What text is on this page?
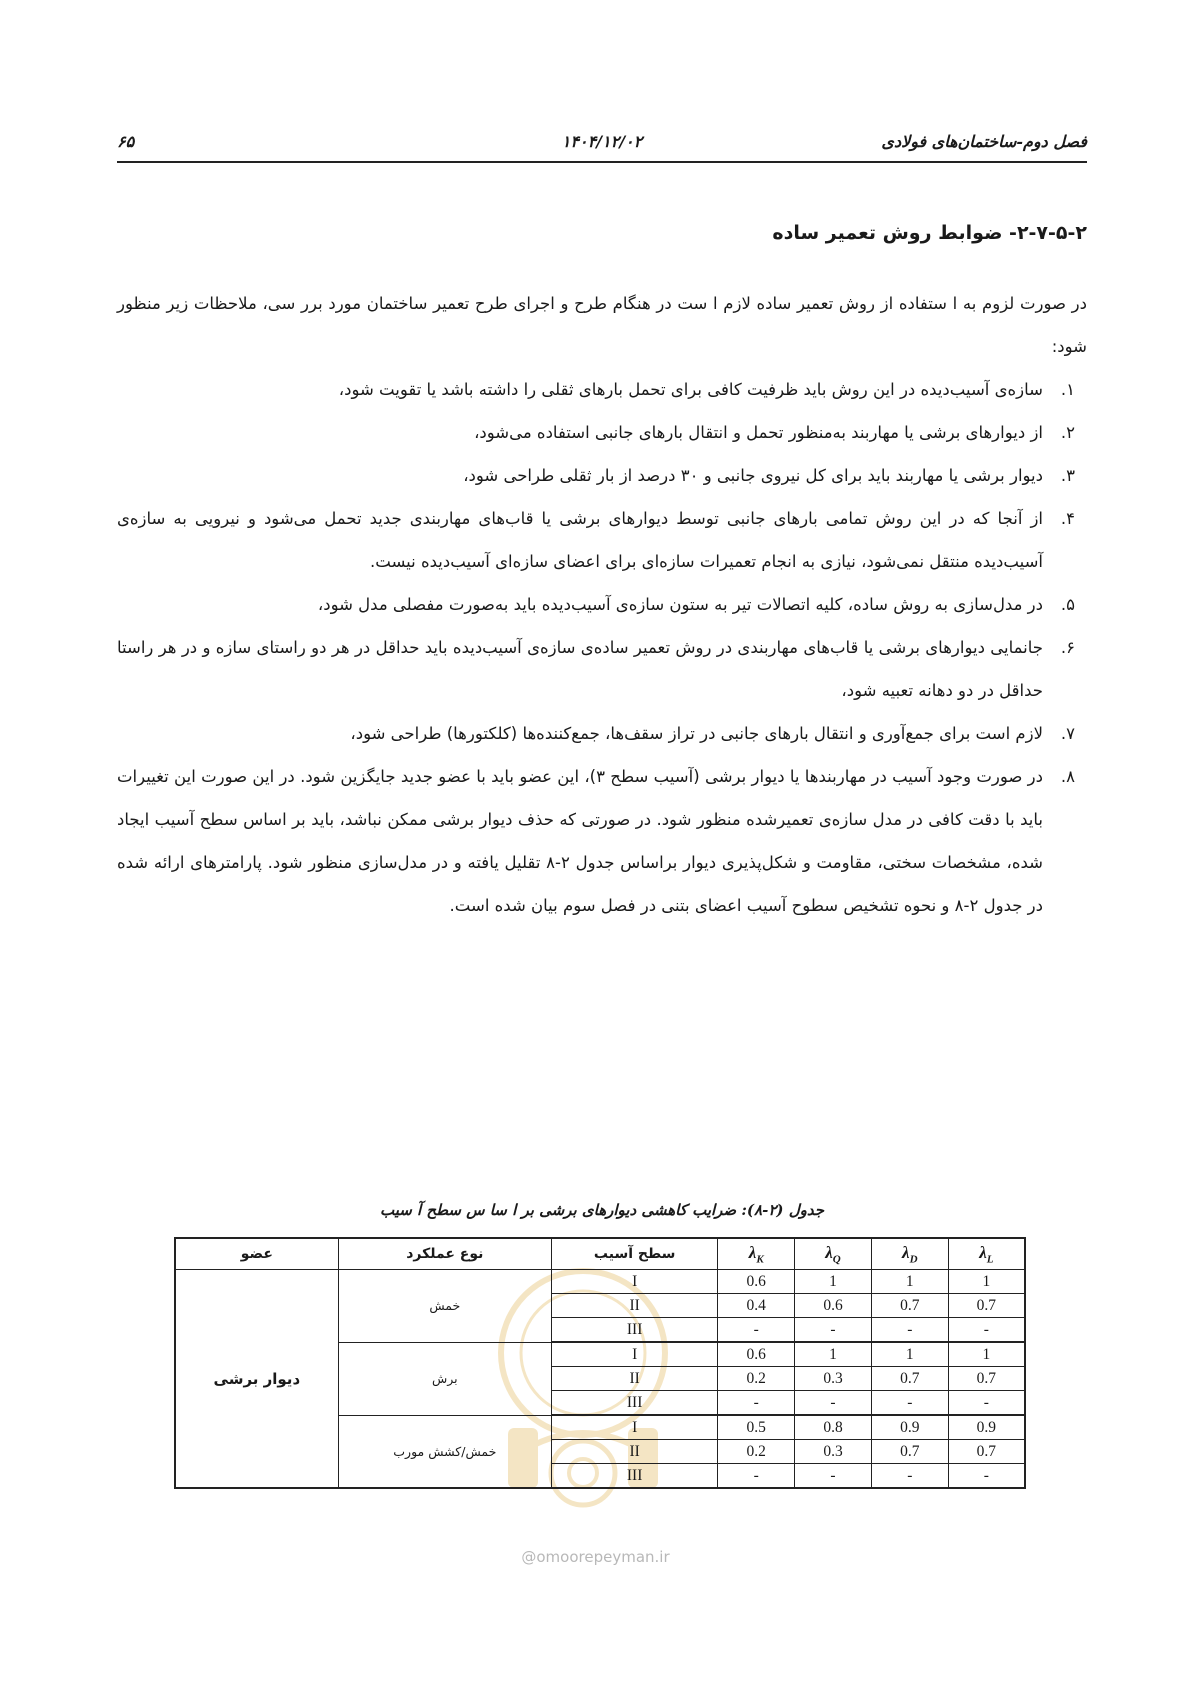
فصل دوم-ساختمان‌های فولادی
۱۴۰۴/۱۲/۰۲
۶۵
۲-۷-۵-۲- ضوابط روش تعمیر ساده

در صورت لزوم به ا ستفاده از روش تعمیر ساده لازم ا ست در هنگام طرح و اجرای طرح تعمیر ساختمان مورد برر سی، ملاحظات زیر منظور شود:

۱.
سازه‌ی آسیب‌دیده در این روش باید ظرفیت کافی برای تحمل بارهای ثقلی را داشته باشد یا تقویت شود،
۲.
از دیوارهای برشی یا مهاربند به‌منظور تحمل و انتقال بارهای جانبی استفاده می‌شود،
۳.
دیوار برشی یا مهاربند باید برای کل نیروی جانبی و ۳۰ درصد از بار ثقلی طراحی شود،
۴.
از آنجا که در این روش تمامی بارهای جانبی توسط دیوارهای برشی یا قاب‌های مهاربندی جدید تحمل می‌شود و نیرویی به سازه‌ی آسیب‌دیده منتقل نمی‌شود، نیازی به انجام تعمیرات سازه‌ای برای اعضای سازه‌ای آسیب‌دیده نیست.
۵.
در مدل‌سازی به روش ساده، کلیه اتصالات تیر به ستون سازه‌ی آسیب‌دیده باید به‌صورت مفصلی مدل شود،
۶.
جانمایی دیوارهای برشی یا قاب‌های مهاربندی در روش تعمیر ساده‌ی سازه‌ی آسیب‌دیده باید حداقل در هر دو راستای سازه و در هر راستا حداقل در دو دهانه تعبیه شود،
۷.
لازم است برای جمع‌آوری و انتقال بارهای جانبی در تراز سقف‌ها، جمع‌کننده‌ها (کلکتورها) طراحی شود،
۸.
در صورت وجود آسیب در مهاربندها یا دیوار برشی (آسیب سطح ۳)، این عضو باید با عضو جدید جایگزین شود. در این صورت این تغییرات باید با دقت کافی در مدل سازه‌ی تعمیرشده منظور شود. در صورتی که حذف دیوار برشی ممکن نباشد، باید بر اساس سطح آسیب ایجاد شده، مشخصات سختی، مقاومت و شکل‌پذیری دیوار براساس جدول ۲-۸ تقلیل یافته و در مدل‌سازی منظور شود. پارامترهای ارائه شده در جدول ۲-۸ و نحوه تشخیص سطوح آسیب اعضای بتنی در فصل سوم بیان شده است.
جدول (۲-۸): ضرایب کاهشی دیوارهای برشی بر ا سا س سطح آ سیب
عضو	نوع عملکرد	سطح آسیب	$\lambda_K$	$\lambda_Q$	$\lambda_D$	$\lambda_L$
دیوار برشی	خمش	I	0.6	1	1	1
		II	0.4	0.6	0.7	0.7
		III	-	-	-	-
	برش	I	0.6	1	1	1
		II	0.2	0.3	0.7	0.7
		III	-	-	-	-
	خمش/کشش مورب	I	0.5	0.8	0.9	0.9
		II	0.2	0.3	0.7	0.7
		III	-	-	-	-
@omoorepeyman.ir
